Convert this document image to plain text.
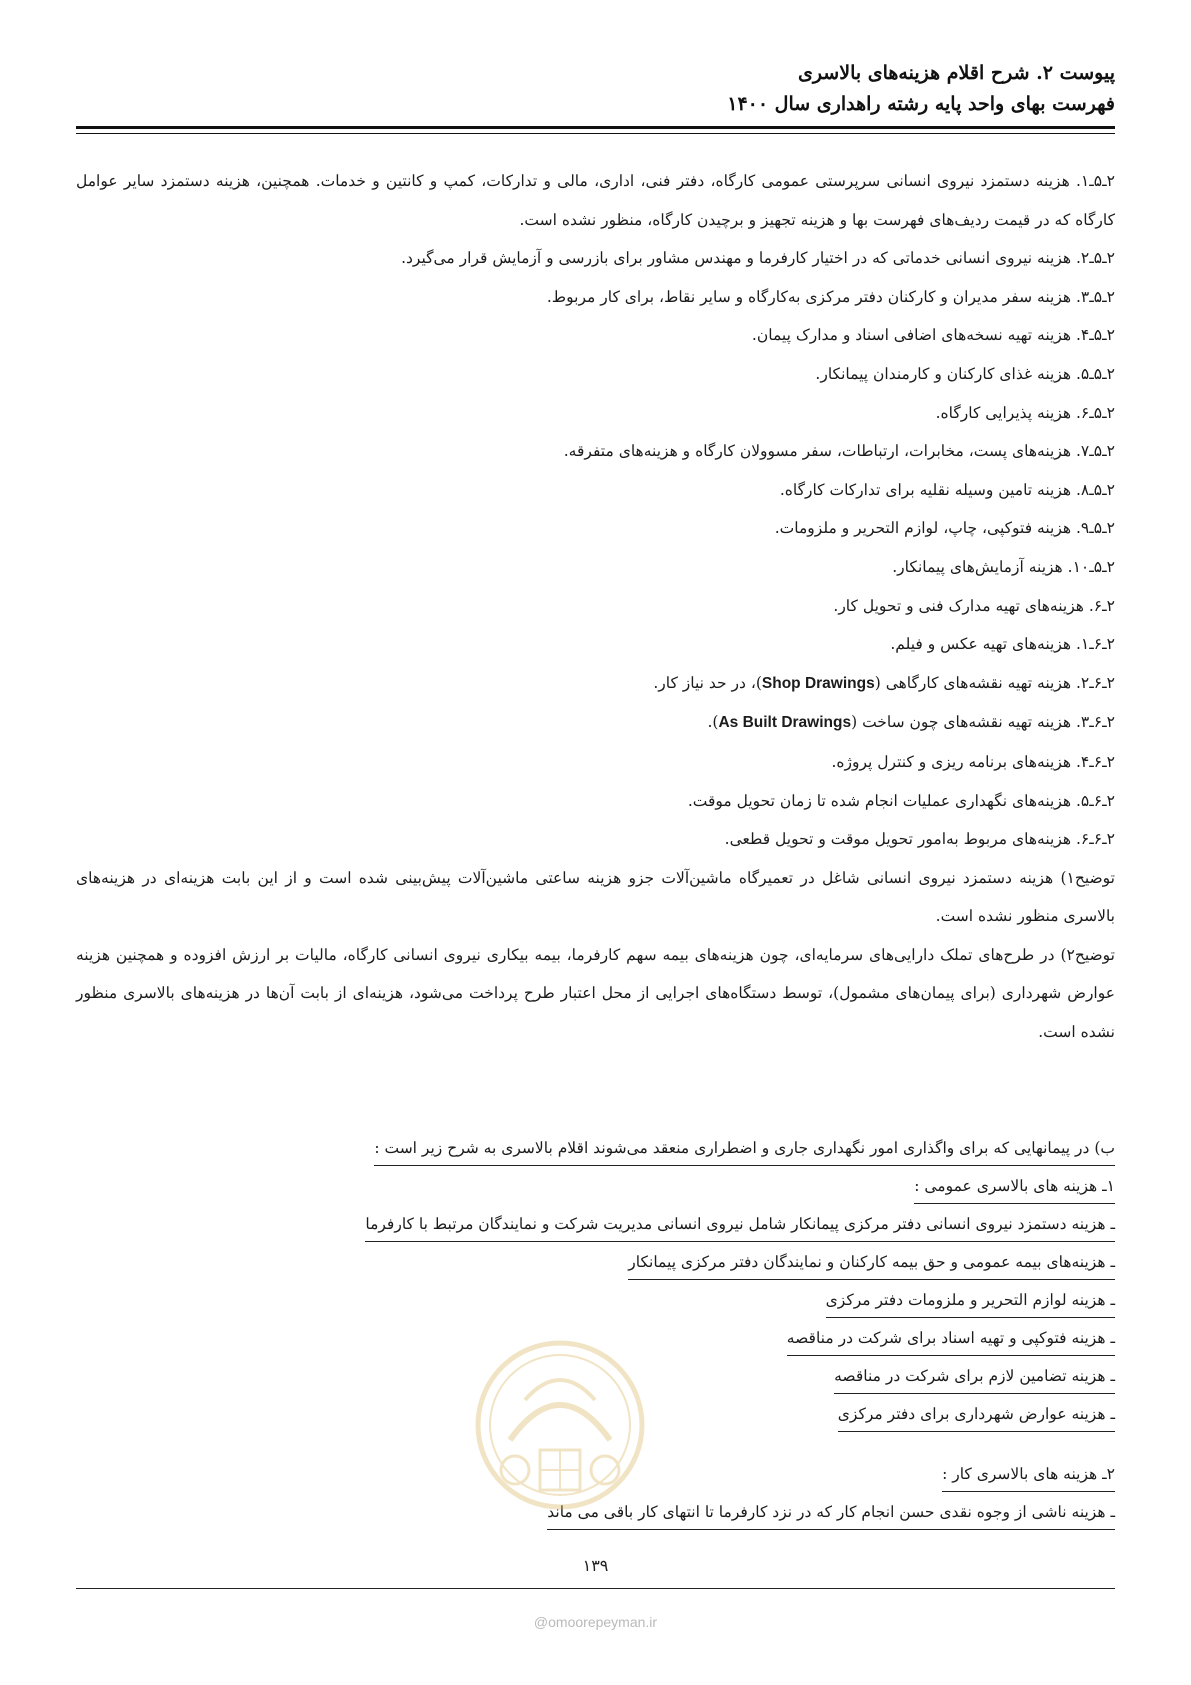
پیوست ۲. شرح اقلام هزینه‌های بالاسری
فهرست بهای واحد پایه رشته راهداری سال ۱۴۰۰

۲ـ۵ـ۱. هزینه دستمزد نیروی انسانی سرپرستی عمومی کارگاه، دفتر فنی، اداری، مالی و تدارکات، کمپ و کانتین و خدمات. همچنین، هزینه دستمزد سایر عوامل کارگاه که در قیمت ردیف‌های فهرست بها و هزینه تجهیز و برچیدن کارگاه، منظور نشده است.

۲ـ۵ـ۲. هزینه نیروی انسانی خدماتی که در اختیار کارفرما و مهندس مشاور برای بازرسی و آزمایش قرار می‌گیرد.

۲ـ۵ـ۳. هزینه سفر مدیران و کارکنان دفتر مرکزی به‌کارگاه و سایر نقاط، برای کار مربوط.

۲ـ۵ـ۴. هزینه تهیه نسخه‌های اضافی اسناد و مدارک پیمان.

۲ـ۵ـ۵. هزینه غذای کارکنان و کارمندان پیمانکار.

۲ـ۵ـ۶. هزینه پذیرایی کارگاه.

۲ـ۵ـ۷. هزینه‌های پست، مخابرات، ارتباطات، سفر مسوولان کارگاه و هزینه‌های متفرقه.

۲ـ۵ـ۸. هزینه تامین وسیله نقلیه برای تدارکات کارگاه.

۲ـ۵ـ۹. هزینه فتوکپی، چاپ، لوازم التحریر و ملزومات.

۲ـ۵ـ۱۰. هزینه آزمایش‌های پیمانکار.

۲ـ۶. هزینه‌های تهیه مدارک فنی و تحویل کار.

۲ـ۶ـ۱. هزینه‌های تهیه عکس و فیلم.

۲ـ۶ـ۲. هزینه تهیه نقشه‌های کارگاهی (Shop Drawings)، در حد نیاز کار.

۲ـ۶ـ۳. هزینه تهیه نقشه‌های چون ساخت (As Built Drawings).

۲ـ۶ـ۴. هزینه‌های برنامه ریزی و کنترل پروژه.

۲ـ۶ـ۵. هزینه‌های نگهداری عملیات انجام شده تا زمان تحویل موقت.

۲ـ۶ـ۶. هزینه‌های مربوط به‌امور تحویل موقت و تحویل قطعی.

توضیح۱) هزینه دستمزد نیروی انسانی شاغل در تعمیرگاه ماشین‌آلات جزو هزینه ساعتی ماشین‌آلات پیش‌بینی شده است و از این بابت هزینه‌ای در هزینه‌های بالاسری منظور نشده است.

توضیح۲) در طرح‌های تملک دارایی‌های سرمایه‌ای، چون هزینه‌های بیمه سهم کارفرما، بیمه بیکاری نیروی انسانی کارگاه، مالیات بر ارزش افزوده و همچنین هزینه عوارض شهرداری (برای پیمان‌های مشمول)، توسط دستگاه‌های اجرایی از محل اعتبار طرح پرداخت می‌شود، هزینه‌ای از بابت آن‌ها در هزینه‌های بالاسری منظور نشده است.

ب) در پیمانهایی که برای واگذاری امور نگهداری جاری و اضطراری منعقد می‌شوند اقلام بالاسری به شرح زیر است :
۱ـ هزینه های بالاسری عمومی :
ـ هزینه دستمزد نیروی انسانی دفتر مرکزی پیمانکار شامل نیروی انسانی مدیریت شرکت و نمایندگان مرتبط با کارفرما
ـ هزینه‌های بیمه عمومی و حق بیمه کارکنان و نمایندگان دفتر مرکزی پیمانکار
ـ هزینه لوازم التحریر و ملزومات دفتر مرکزی
ـ هزینه فتوکپی و تهیه اسناد برای شرکت در مناقصه
ـ هزینه تضامین لازم برای شرکت در مناقصه
ـ هزینه عوارض شهرداری برای دفتر مرکزی
۲ـ هزینه های بالاسری کار :
ـ هزینه ناشی از وجوه نقدی حسن انجام کار که در نزد کارفرما تا انتهای کار باقی می ماند
۱۳۹
@omoorepeyman.ir
